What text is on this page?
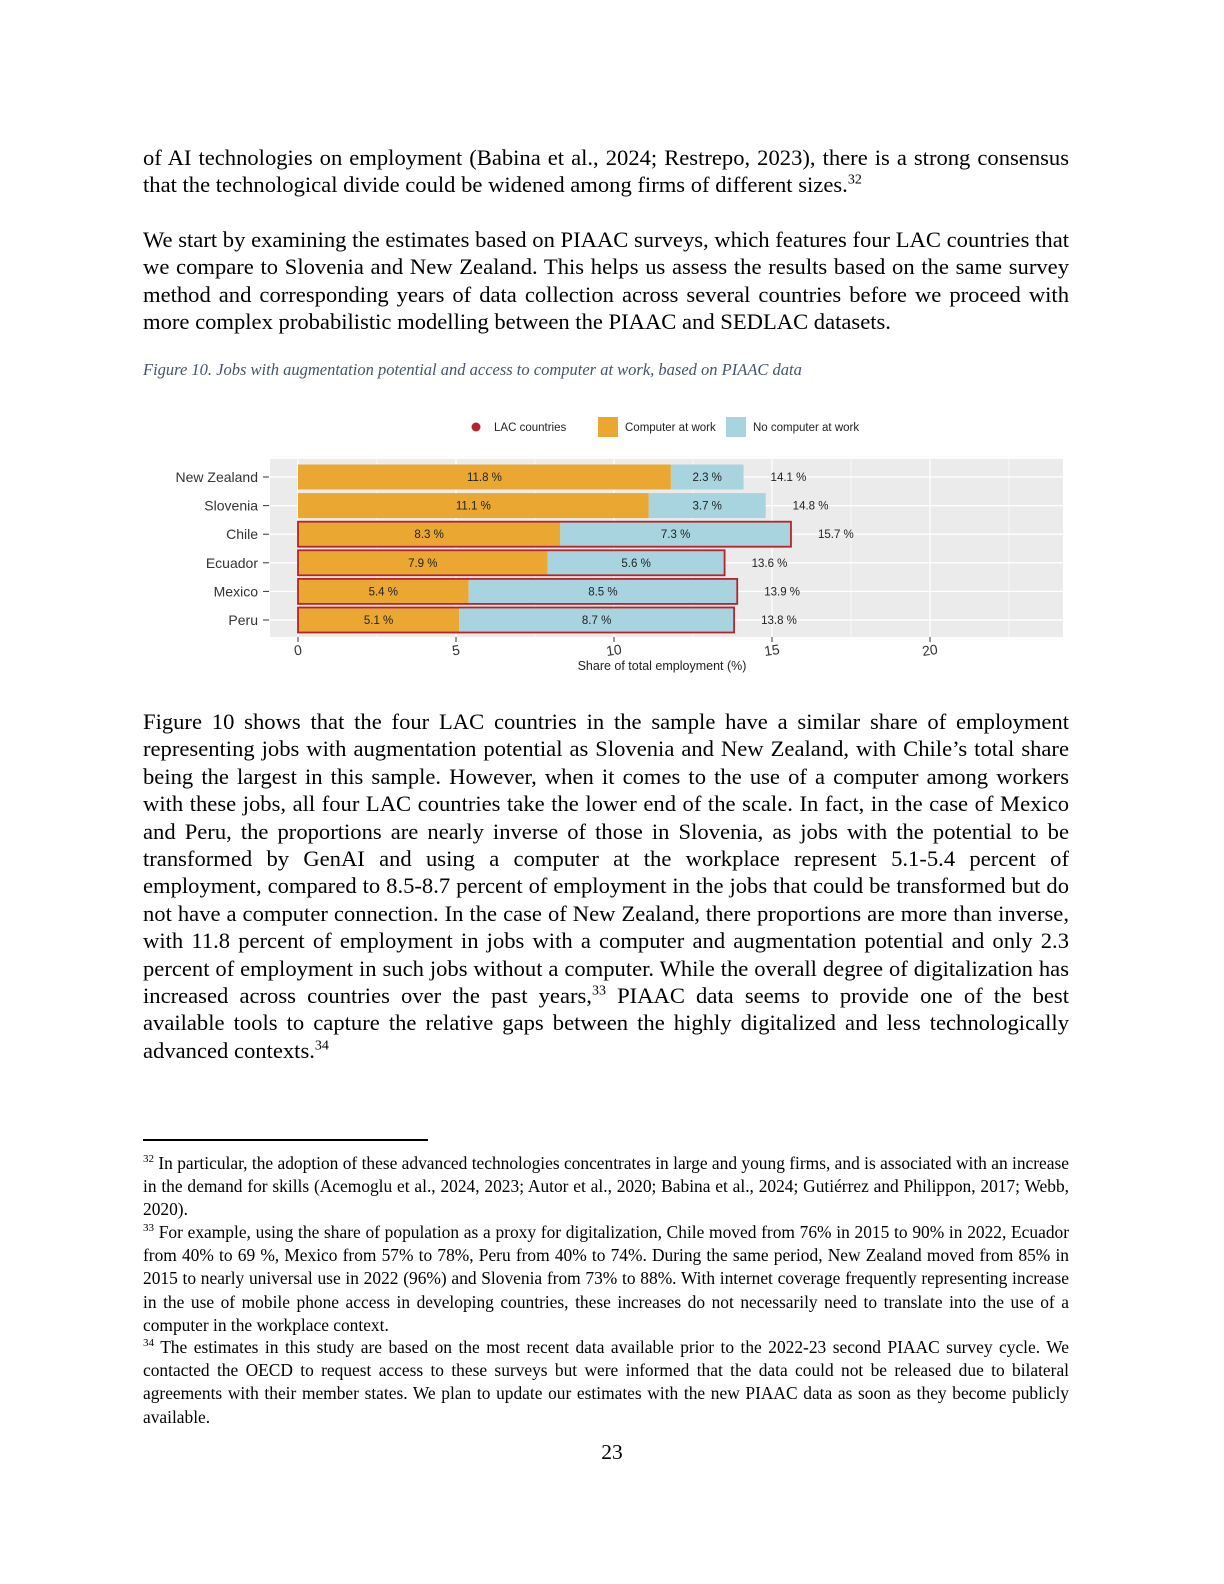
of AI technologies on employment (Babina et al., 2024; Restrepo, 2023), there is a strong consensus that the technological divide could be widened among firms of different sizes.$^{32}$

We start by examining the estimates based on PIAAC surveys, which features four LAC countries that we compare to Slovenia and New Zealand. This helps us assess the results based on the same survey method and corresponding years of data collection across several countries before we proceed with more complex probabilistic modelling between the PIAAC and SEDLAC datasets.

Figure 10. Jobs with augmentation potential and access to computer at work, based on PIAAC data

LAC countries	Computer at work	No computer at work
11.8 %	2.3 %	14.1 %
11.1 %	3.7 %	14.8 %
8.3 %	7.3 %	15.7 %
7.9 %	5.6 %	13.6 %
5.4 %	8.5 %	13.9 %
5.1 %	8.7 %	13.8 %
New Zealand
Slovenia
Chile
Ecuador
Mexico
Peru
0	5	10	15	20
Share of total employment (%)

$^{32}$ In particular, the adoption of these advanced technologies concentrates in large and young firms, and is associated with an increase in the demand for skills (Acemoglu et al., 2024, 2023; Autor et al., 2020; Babina et al., 2024; Gutiérrez and Philippon, 2017; Webb, 2020).

$^{33}$ For example, using the share of population as a proxy for digitalization, Chile moved from 76% in 2015 to 90% in 2022, Ecuador from 40% to 69 %, Mexico from 57% to 78%, Peru from 40% to 74%. During the same period, New Zealand moved from 85% in 2015 to nearly universal use in 2022 (96%) and Slovenia from 73% to 88%. With internet coverage frequently representing increase in the use of mobile phone access in developing countries, these increases do not necessarily need to translate into the use of a computer in the workplace context.

$^{34}$ The estimates in this study are based on the most recent data available prior to the 2022-23 second PIAAC survey cycle. We contacted the OECD to request access to these surveys but were informed that the data could not be released due to bilateral agreements with their member states. We plan to update our estimates with the new PIAAC data as soon as they become publicly available.

Figure 10 shows that the four LAC countries in the sample have a similar share of employment representing jobs with augmentation potential as Slovenia and New Zealand, with Chile’s total share being the largest in this sample. However, when it comes to the use of a computer among workers with these jobs, all four LAC countries take the lower end of the scale. In fact, in the case of Mexico and Peru, the proportions are nearly inverse of those in Slovenia, as jobs with the potential to be transformed by GenAI and using a computer at the workplace represent 5.1-5.4 percent of employment, compared to 8.5-8.7 percent of employment in the jobs that could be transformed but do not have a computer connection. In the case of New Zealand, there proportions are more than inverse, with 11.8 percent of employment in jobs with a computer and augmentation potential and only 2.3 percent of employment in such jobs without a computer. While the overall degree of digitalization has increased across countries over the past years,$^{33}$ PIAAC data seems to provide one of the best available tools to capture the relative gaps between the highly digitalized and less technologically advanced contexts.$^{34}$

23
